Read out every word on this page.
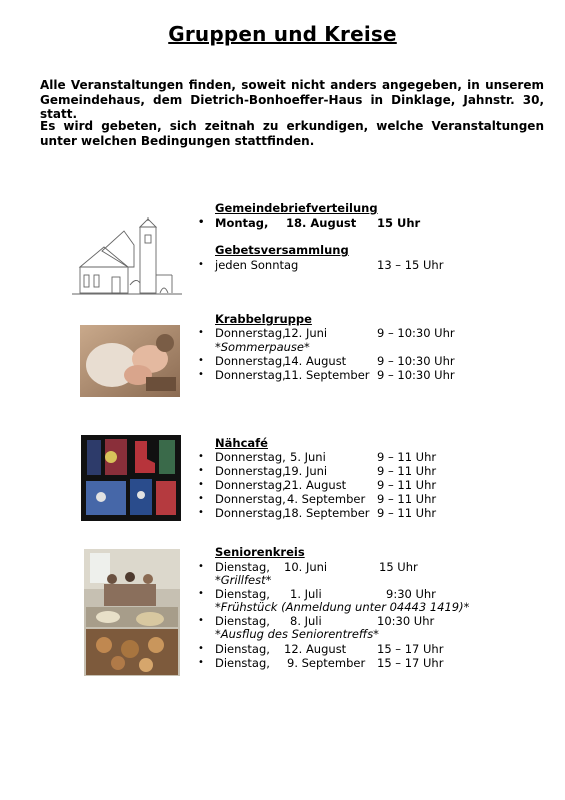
Gruppen und Kreise
Alle Veranstaltungen finden, soweit nicht anders angegeben, in unserem Gemeindehaus, dem Dietrich-Bonhoeffer-Haus in Dinklage, Jahnstr. 30, statt.
Es wird gebeten, sich zeitnah zu erkundigen, welche Veranstaltungen unter welchen Bedingungen stattfinden.
Gemeindebriefverteilung
• Montag, 18. August 15 Uhr
Gebetsversammlung
• jeden Sonntag	13 – 15 Uhr
Krabbelgruppe
• Donnerstag,
12. Juni	9 – 10:30 Uhr
*Sommerpause*
• Donnerstag,
14. August	9 – 10:30 Uhr
• Donnerstag,
11. September 9 – 10:30 Uhr
Nähcafé
• Donnerstag, 5. Juni	9 – 11 Uhr
• Donnerstag,
19. Juni	9 – 11 Uhr
• Donnerstag,
21. August	9 – 11 Uhr
• Donnerstag, 4. September 9 – 11 Uhr
• Donnerstag,
18. September 9 – 11 Uhr
Seniorenkreis
• Dienstag, 10. Juni	15 Uhr
*Grillfest*
• Dienstag, 1. Juli	9:30 Uhr
*Frühstück (Anmeldung unter 04443 1419)*
• Dienstag, 8. Juli	10:30 Uhr
*Ausflug des Seniorentreffs*
• Dienstag, 12. August	15 – 17 Uhr
• Dienstag, 9. September 15 – 17 Uhr
